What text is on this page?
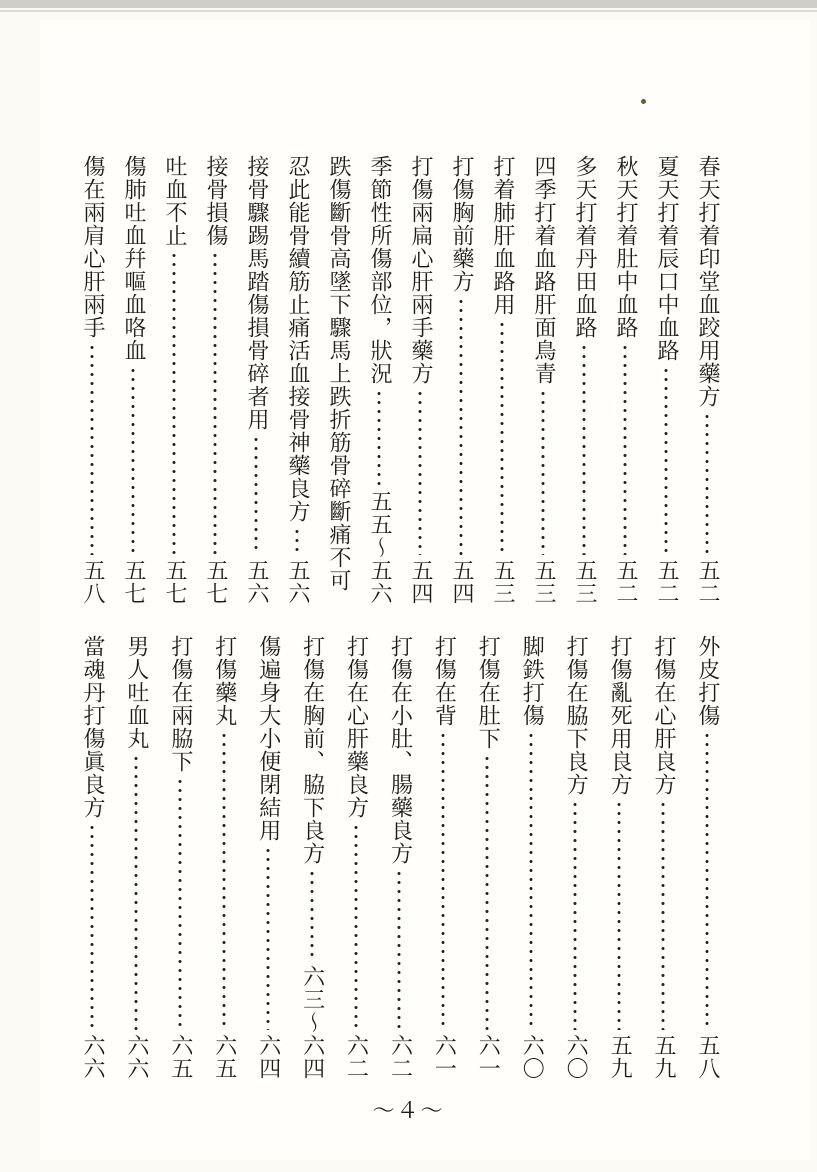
春天打着印堂血跤用藥方
五二
夏天打着辰口中血路
五二
秋天打着肚中血路
五二
多天打着丹田血路
五三
四季打着血路肝面鳥青
五三
打着肺肝血路用
五三
打傷胸前藥方
五四
打傷兩扁心肝兩手藥方
五四
季節性所傷部位，狀況
五五～五六
跌傷斷骨高墜下驟馬上跌折筋骨碎斷痛不可
忍此能骨續筋止痛活血接骨神藥良方
五六
接骨驟踢馬踏傷損骨碎者用
五六
接骨損傷
五七
吐血不止
五七
傷肺吐血幷嘔血咯血
五七
傷在兩肩心肝兩手
五八
外皮打傷
五八
打傷在心肝良方
五九
打傷亂死用良方
五九
打傷在脇下良方
六〇
脚鉄打傷
六〇
打傷在肚下
六一
打傷在背
六一
打傷在小肚、腸藥良方
六二
打傷在心肝藥良方
六二
打傷在胸前、脇下良方
六三～六四
傷遍身大小便閉結用
六四
打傷藥丸
六五
打傷在兩脇下
六五
男人吐血丸
六六
當魂丹打傷眞良方
六六
～４～
